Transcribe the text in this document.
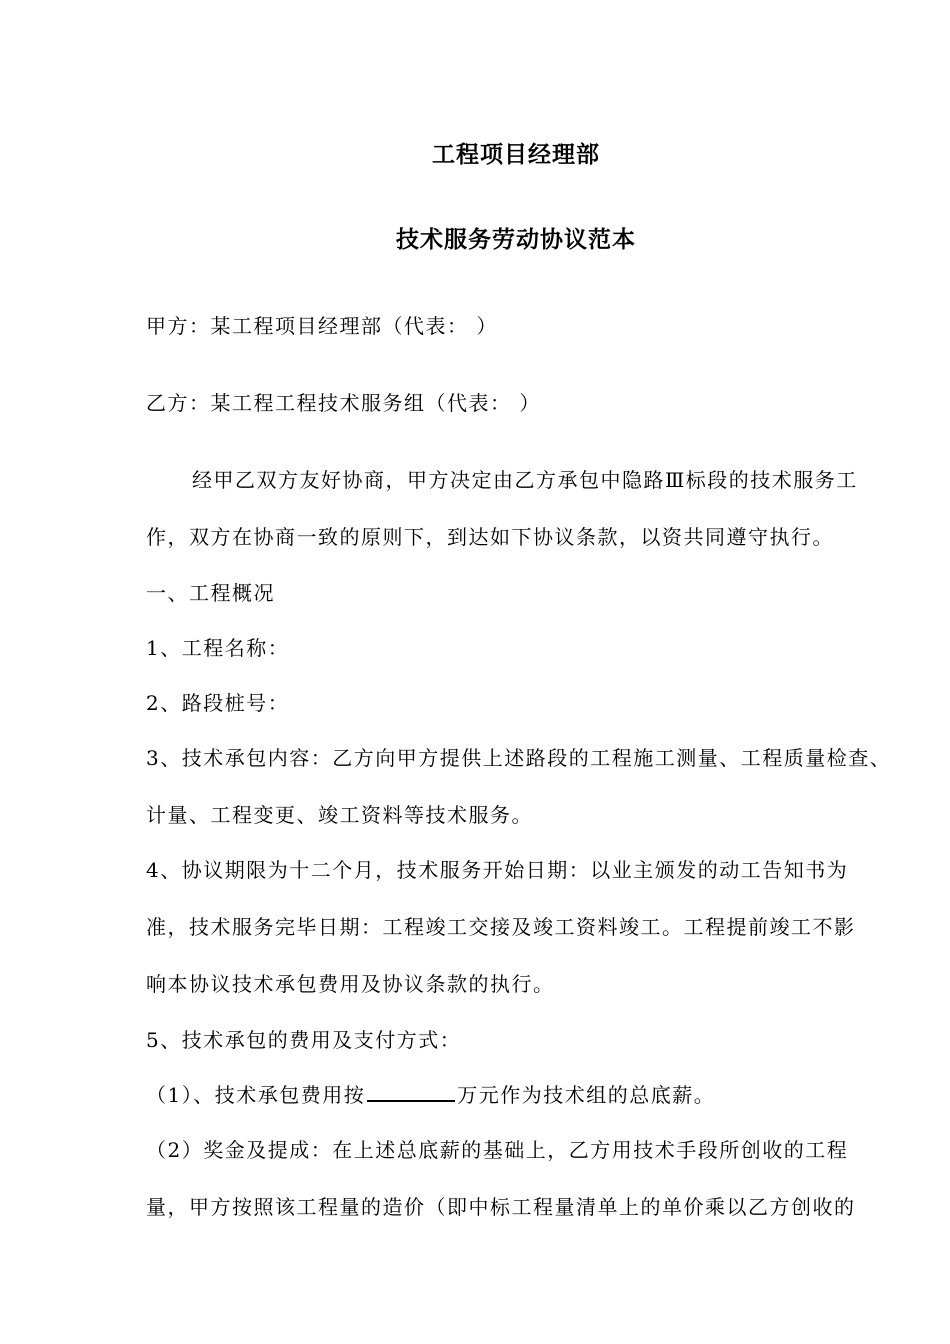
工程项目经理部
技术服务劳动协议范本

甲方：某工程项目经理部（代表： ）

乙方：某工程工程技术服务组（代表： ）

经甲乙双方友好协商，甲方决定由乙方承包中隐路Ⅲ标段的技术服务工

作，双方在协商一致的原则下，到达如下协议条款，以资共同遵守执行。

一、工程概况

1、工程名称：

2、路段桩号：

3、技术承包内容：乙方向甲方提供上述路段的工程施工测量、工程质量检查、

计量、工程变更、竣工资料等技术服务。

4、协议期限为十二个月，技术服务开始日期：以业主颁发的动工告知书为

准，技术服务完毕日期：工程竣工交接及竣工资料竣工。工程提前竣工不影

响本协议技术承包费用及协议条款的执行。

5、技术承包的费用及支付方式：

（1）、技术承包费用按	万元作为技术组的总底薪。

（2）奖金及提成：在上述总底薪的基础上，乙方用技术手段所创收的工程

量，甲方按照该工程量的造价（即中标工程量清单上的单价乘以乙方创收的
